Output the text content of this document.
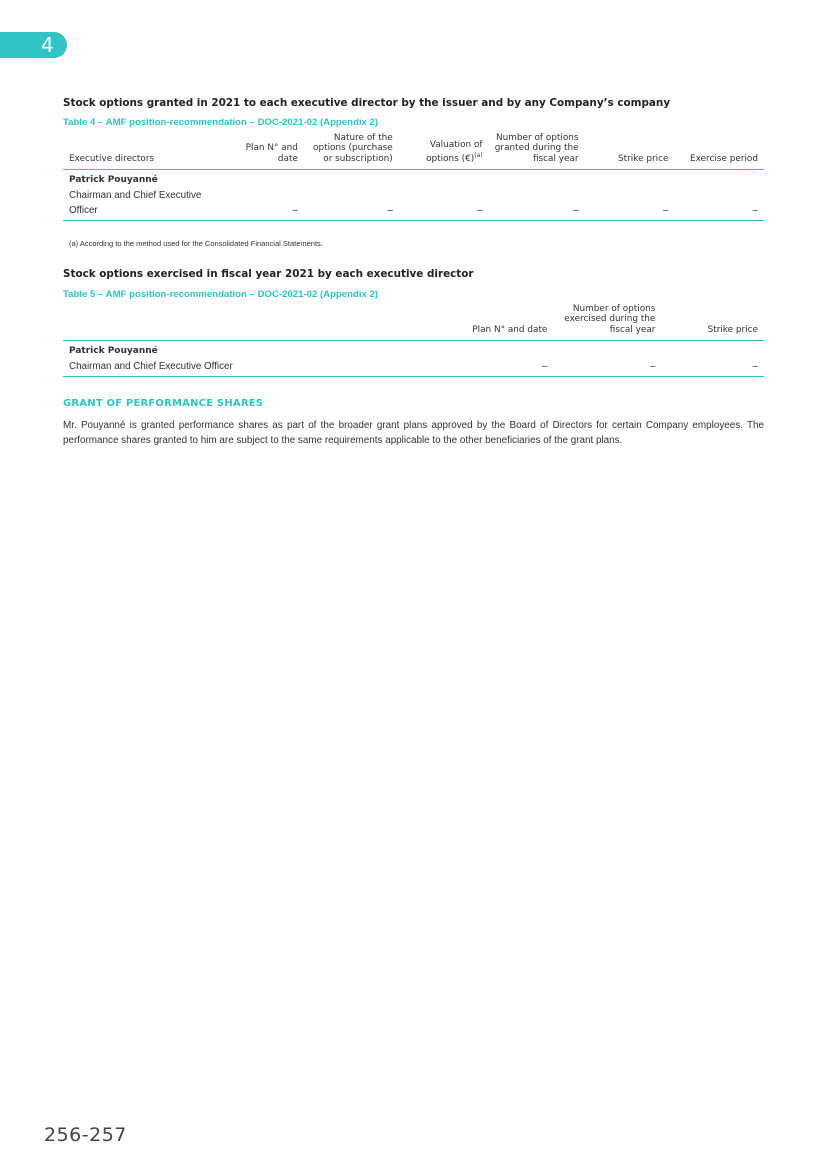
4
Stock options granted in 2021 to each executive director by the issuer and by any Company’s company
Table 4 – AMF position-recommendation – DOC-2021-02 (Appendix 2)
Executive directors	Plan N° and date	Nature of the options (purchase or subscription)	Valuation of options (€)$^{(a)}$	Number of options granted during the fiscal year	Strike price	Exercise period

Patrick Pouyanné
Chairman and Chief Executive Officer	–	–	–	–	–	–
(a) According to the method used for the Consolidated Financial Statements.
Stock options exercised in fiscal year 2021 by each executive director
Table 5 – AMF position-recommendation – DOC-2021-02 (Appendix 2)
	Plan N° and date	Number of options exercised during the fiscal year	Strike price

Patrick Pouyanné
Chairman and Chief Executive Officer	–	–	–
GRANT OF PERFORMANCE SHARES

Mr. Pouyanné is granted performance shares as part of the broader grant plans approved by the Board of Directors for certain Company employees. The performance shares granted to him are subject to the same requirements applicable to the other beneficiaries of the grant plans.

256-257
